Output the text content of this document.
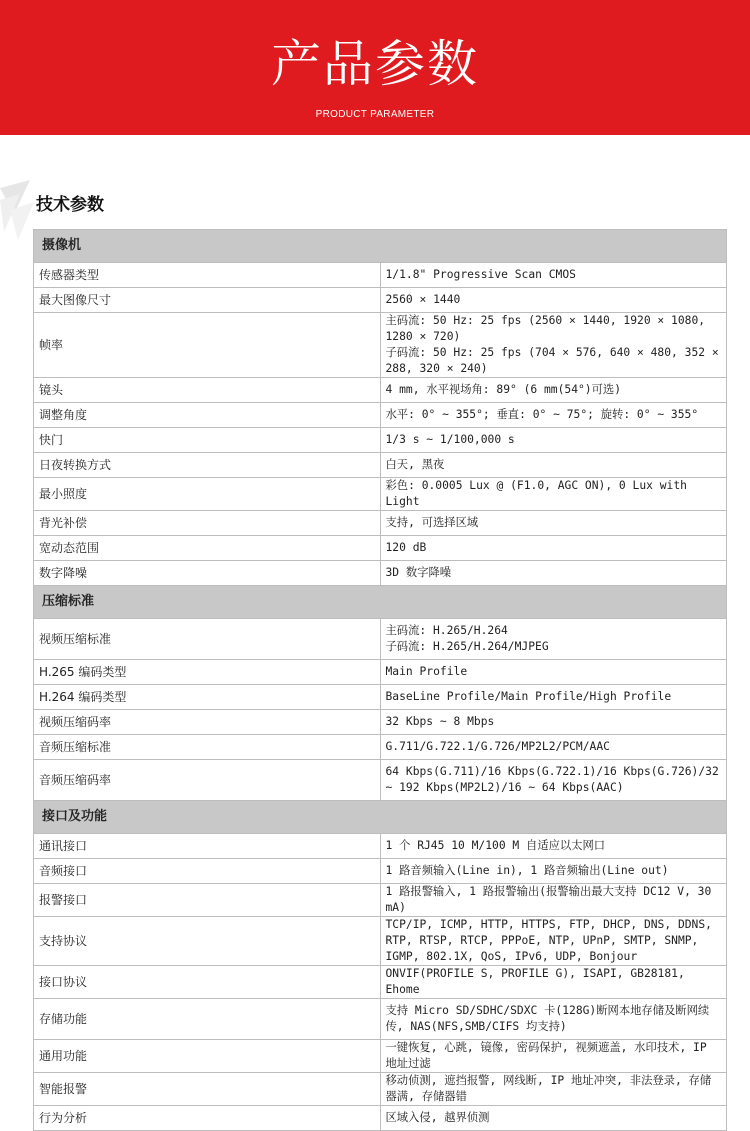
产品参数
PRODUCT PARAMETER
技术参数
摄像机	
传感器类型	1/1.8" Progressive Scan CMOS
最大图像尺寸	2560 × 1440
帧率	主码流: 50 Hz: 25 fps (2560 × 1440, 1920 × 1080, 1280 × 720)
子码流: 50 Hz: 25 fps (704 × 576, 640 × 480, 352 × 288, 320 × 240)
镜头	4 mm, 水平视场角: 89° (6 mm(54°)可选)
调整角度	水平: 0° ~ 355°; 垂直: 0° ~ 75°; 旋转: 0° ~ 355°
快门	1/3 s ~ 1/100,000 s
日夜转换方式	白天, 黑夜
最小照度	彩色: 0.0005 Lux @ (F1.0, AGC ON), 0 Lux with Light
背光补偿	支持, 可选择区域
宽动态范围	120 dB
数字降噪	3D 数字降噪
压缩标准	
视频压缩标准	主码流: H.265/H.264
子码流: H.265/H.264/MJPEG
H.265 编码类型	Main Profile
H.264 编码类型	BaseLine Profile/Main Profile/High Profile
视频压缩码率	32 Kbps ~ 8 Mbps
音频压缩标准	G.711/G.722.1/G.726/MP2L2/PCM/AAC
音频压缩码率	64 Kbps(G.711)/16 Kbps(G.722.1)/16 Kbps(G.726)/32 ~ 192 Kbps(MP2L2)/16 ~ 64 Kbps(AAC)
接口及功能	
通讯接口	1 个 RJ45 10 M/100 M 自适应以太网口
音频接口	1 路音频输入(Line in), 1 路音频输出(Line out)
报警接口	1 路报警输入, 1 路报警输出(报警输出最大支持 DC12 V, 30 mA)
支持协议	TCP/IP, ICMP, HTTP, HTTPS, FTP, DHCP, DNS, DDNS, RTP, RTSP, RTCP, PPPoE, NTP, UPnP, SMTP, SNMP, IGMP, 802.1X, QoS, IPv6, UDP, Bonjour
接口协议	ONVIF(PROFILE S, PROFILE G), ISAPI, GB28181, Ehome
存储功能	支持 Micro SD/SDHC/SDXC 卡(128G)断网本地存储及断网续传, NAS(NFS,SMB/CIFS 均支持)
通用功能	一键恢复, 心跳, 镜像, 密码保护, 视频遮盖, 水印技术, IP 地址过滤
智能报警	移动侦测, 遮挡报警, 网线断, IP 地址冲突, 非法登录, 存储器满, 存储器错
行为分析	区域入侵, 越界侦测
